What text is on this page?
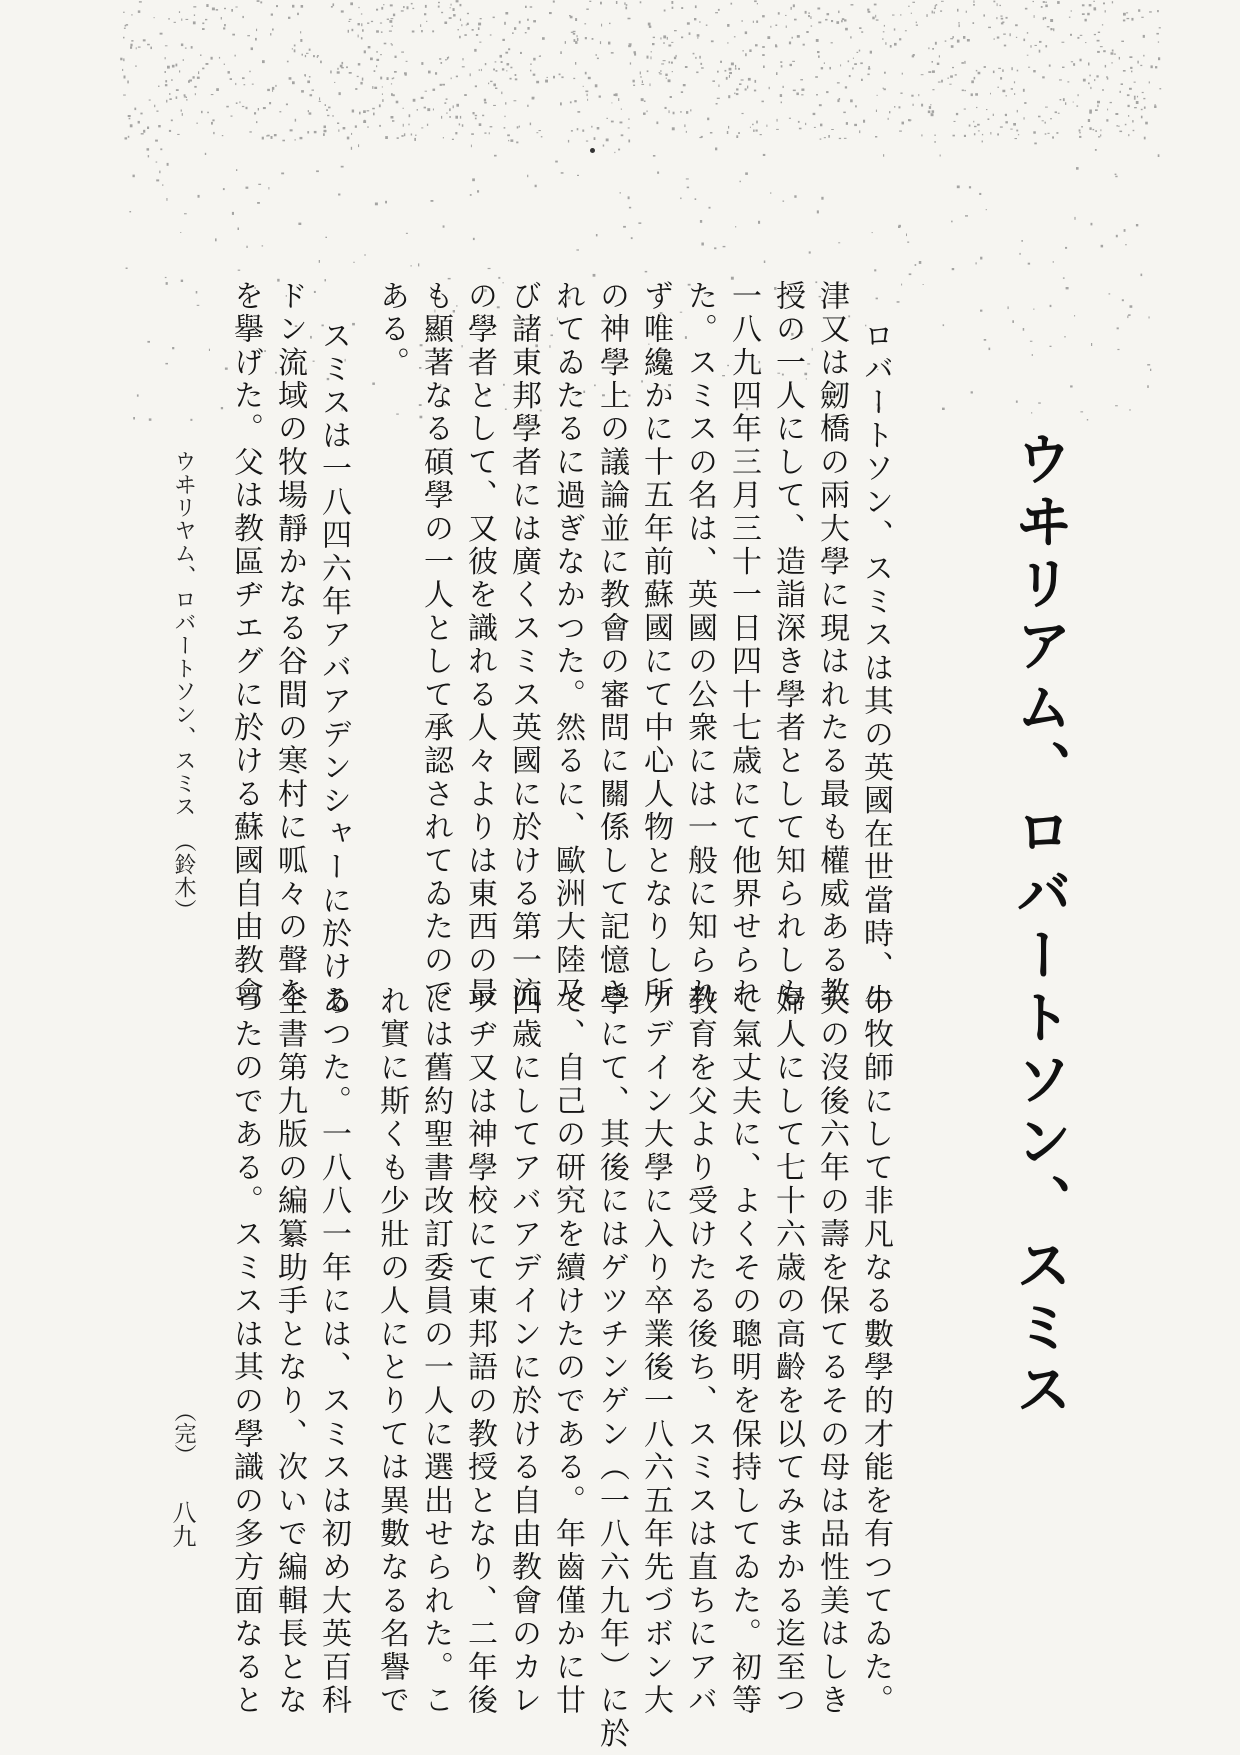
ウヰリアム、ロバートソン、スミス

ロバートソン、スミスは其の英國在世當時、牛

津又は劒橋の兩大學に現はれたる最も權威ある教

授の一人にして、造詣深き學者として知られしも

一八九四年三月三十一日四十七歳にて他界せられ

た。スミスの名は、英國の公衆には一般に知られ

ず唯纔かに十五年前蘇國にて中心人物となりし所

の神學上の議論並に教會の審問に關係して記憶さ

れてゐたるに過ぎなかつた。然るに、歐洲大陸及

び諸東邦學者には廣くスミス英國に於ける第一流

の學者として、又彼を識れる人々よりは東西の最

も顯著なる碩學の一人として承認されてゐたので

ある。

スミスは一八四六年アバアデンシャーに於ける

ドン流域の牧場靜かなる谷間の寒村に呱々の聲を

を擧げた。父は教區ヂエグに於ける蘇國自由教會

ウヰリヤム、ロバートソン、スミス　（鈴木）

の牧師にして非凡なる數學的才能を有つてゐた。

夫の沒後六年の壽を保てるその母は品性美はしき

婦人にして七十六歳の高齡を以てみまかる迄至つ

て氣丈夫に、よくその聰明を保持してゐた。初等

教育を父より受けたる後ち、スミスは直ちにアバ

アデイン大學に入り卒業後一八六五年先づボン大

學にて、其後にはゲツチンゲン（一八六九年）に於

て、自己の研究を續けたのである。年齒僅かに廿

四歳にしてアバアデインに於ける自由教會のカレ

ツヂ又は神學校にて東邦語の教授となり、二年後

には舊約聖書改訂委員の一人に選出せられた。こ

れ實に斯くも少壯の人にとりては異數なる名譽で

あつた。一八八一年には、スミスは初め大英百科

全書第九版の編纂助手となり、次いで編輯長とな

つたのである。スミスは其の學識の多方面なると

（完）

八九
